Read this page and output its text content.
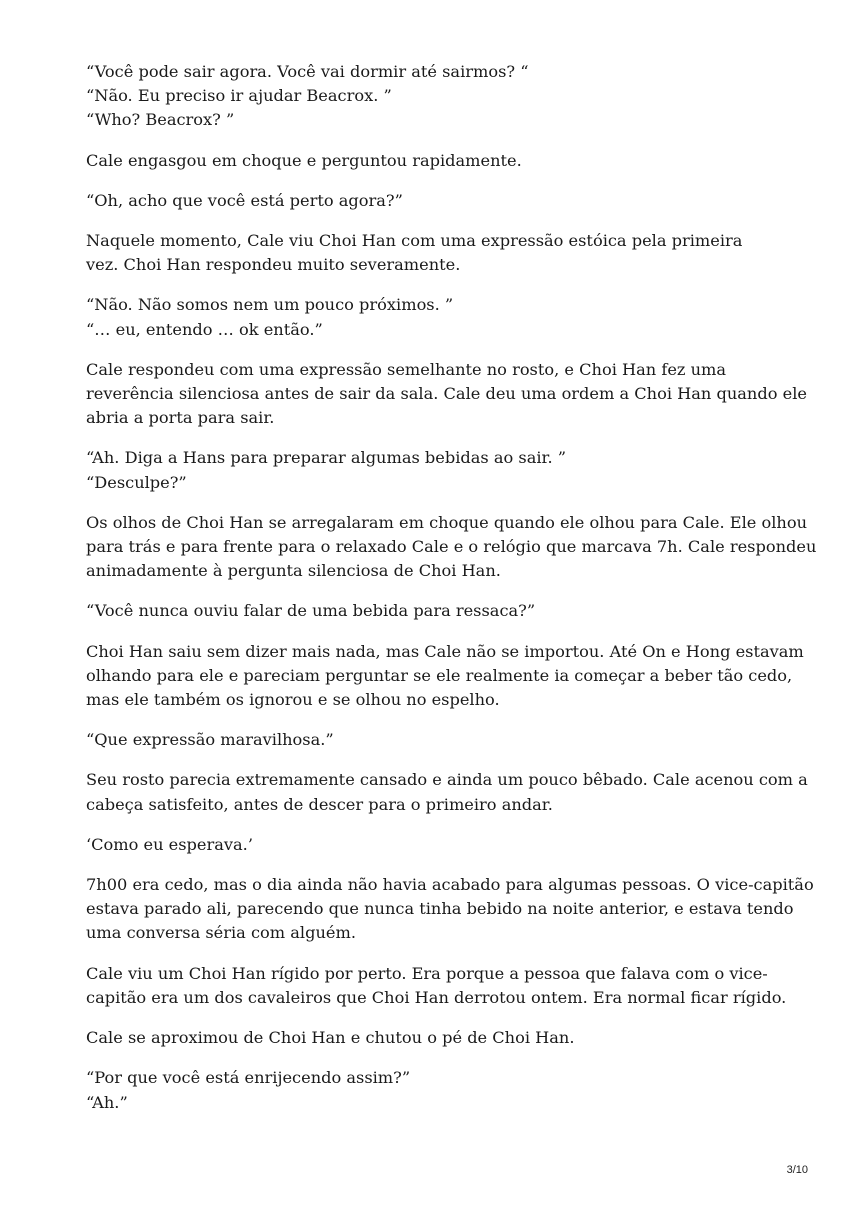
“Você pode sair agora. Você vai dormir até sairmos? “
“Não. Eu preciso ir ajudar Beacrox. ”
“Who? Beacrox? ”
Cale engasgou em choque e perguntou rapidamente.
“Oh, acho que você está perto agora?”
Naquele momento, Cale viu Choi Han com uma expressão estóica pela primeira
vez. Choi Han respondeu muito severamente.
“Não. Não somos nem um pouco próximos. ”
“… eu, entendo … ok então.”
Cale respondeu com uma expressão semelhante no rosto, e Choi Han fez uma
reverência silenciosa antes de sair da sala. Cale deu uma ordem a Choi Han quando ele
abria a porta para sair.
“Ah. Diga a Hans para preparar algumas bebidas ao sair. ”
“Desculpe?”
Os olhos de Choi Han se arregalaram em choque quando ele olhou para Cale. Ele olhou
para trás e para frente para o relaxado Cale e o relógio que marcava 7h. Cale respondeu
animadamente à pergunta silenciosa de Choi Han.
“Você nunca ouviu falar de uma bebida para ressaca?”
Choi Han saiu sem dizer mais nada, mas Cale não se importou. Até On e Hong estavam
olhando para ele e pareciam perguntar se ele realmente ia começar a beber tão cedo,
mas ele também os ignorou e se olhou no espelho.
“Que expressão maravilhosa.”
Seu rosto parecia extremamente cansado e ainda um pouco bêbado. Cale acenou com a
cabeça satisfeito, antes de descer para o primeiro andar.
‘Como eu esperava.’
7h00 era cedo, mas o dia ainda não havia acabado para algumas pessoas. O vice-capitão
estava parado ali, parecendo que nunca tinha bebido na noite anterior, e estava tendo
uma conversa séria com alguém.
Cale viu um Choi Han rígido por perto. Era porque a pessoa que falava com o vice-
capitão era um dos cavaleiros que Choi Han derrotou ontem. Era normal ficar rígido.
Cale se aproximou de Choi Han e chutou o pé de Choi Han.
“Por que você está enrijecendo assim?”
“Ah.”
3/10
